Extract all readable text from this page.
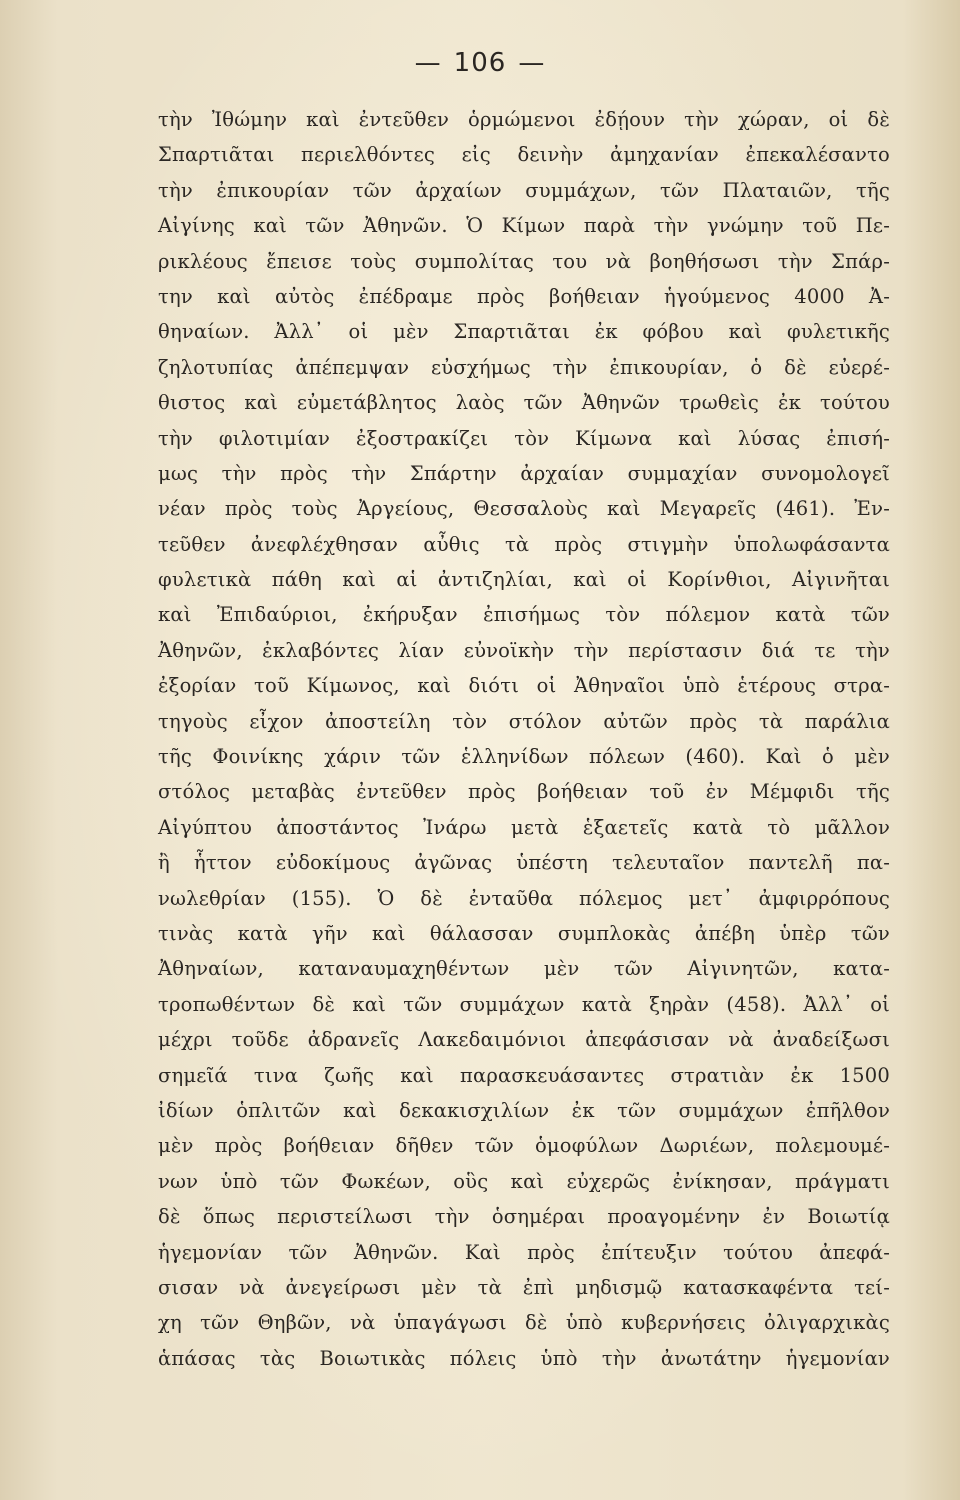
— 106 —
τὴν Ἰθώμην καὶ ἐντεῦθεν ὁρμώμενοι ἐδῄουν τὴν χώραν, οἱ δὲ
Σπαρτιᾶται περιελθόντες εἰς δεινὴν ἀμηχανίαν ἐπεκαλέσαντο
τὴν ἐπικουρίαν τῶν ἀρχαίων συμμάχων, τῶν Πλαταιῶν, τῆς
Αἰγίνης καὶ τῶν Ἀθηνῶν. Ὁ Κίμων παρὰ τὴν γνώμην τοῦ Πε-
ρικλέους ἔπεισε τοὺς συμπολίτας του νὰ βοηθήσωσι τὴν Σπάρ-
την καὶ αὐτὸς ἐπέδραμε πρὸς βοήθειαν ἡγούμενος 4000 Ἀ-
θηναίων. Ἀλλ᾽ οἱ μὲν Σπαρτιᾶται ἐκ φόβου καὶ φυλετικῆς
ζηλοτυπίας ἀπέπεμψαν εὐσχήμως τὴν ἐπικουρίαν, ὁ δὲ εὐερέ-
θιστος καὶ εὐμετάβλητος λαὸς τῶν Ἀθηνῶν τρωθεὶς ἐκ τούτου
τὴν φιλοτιμίαν ἐξοστρακίζει τὸν Κίμωνα καὶ λύσας ἐπισή-
μως τὴν πρὸς τὴν Σπάρτην ἀρχαίαν συμμαχίαν συνομολογεῖ
νέαν πρὸς τοὺς Ἀργείους, Θεσσαλοὺς καὶ Μεγαρεῖς (461). Ἐν-
τεῦθεν ἀνεφλέχθησαν αὖθις τὰ πρὸς στιγμὴν ὑπολωφάσαντα
φυλετικὰ πάθη καὶ αἱ ἀντιζηλίαι, καὶ οἱ Κορίνθιοι, Αἰγινῆται
καὶ Ἐπιδαύριοι, ἐκήρυξαν ἐπισήμως τὸν πόλεμον κατὰ τῶν
Ἀθηνῶν, ἐκλαβόντες λίαν εὐνοϊκὴν τὴν περίστασιν διά τε τὴν
ἐξορίαν τοῦ Κίμωνος, καὶ διότι οἱ Ἀθηναῖοι ὑπὸ ἑτέρους στρα-
τηγοὺς εἶχον ἀποστείλη τὸν στόλον αὐτῶν πρὸς τὰ παράλια
τῆς Φοινίκης χάριν τῶν ἑλληνίδων πόλεων (460). Καὶ ὁ μὲν
στόλος μεταβὰς ἐντεῦθεν πρὸς βοήθειαν τοῦ ἐν Μέμφιδι τῆς
Αἰγύπτου ἀποστάντος Ἰνάρω μετὰ ἑξαετεῖς κατὰ τὸ μᾶλλον
ἢ ἧττον εὐδοκίμους ἀγῶνας ὑπέστη τελευταῖον παντελῆ πα-
νωλεθρίαν (155). Ὁ δὲ ἐνταῦθα πόλεμος μετ᾽ ἀμφιρρόπους
τινὰς κατὰ γῆν καὶ θάλασσαν συμπλοκὰς ἀπέβη ὑπὲρ τῶν
Ἀθηναίων, καταναυμαχηθέντων μὲν τῶν Αἰγινητῶν, κατα-
τροπωθέντων δὲ καὶ τῶν συμμάχων κατὰ ξηρὰν (458). Ἀλλ᾽ οἱ
μέχρι τοῦδε ἀδρανεῖς Λακεδαιμόνιοι ἀπεφάσισαν νὰ ἀναδείξωσι
σημεῖά τινα ζωῆς καὶ παρασκευάσαντες στρατιὰν ἐκ 1500
ἰδίων ὁπλιτῶν καὶ δεκακισχιλίων ἐκ τῶν συμμάχων ἐπῆλθον
μὲν πρὸς βοήθειαν δῆθεν τῶν ὁμοφύλων Δωριέων, πολεμουμέ-
νων ὑπὸ τῶν Φωκέων, οὓς καὶ εὐχερῶς ἐνίκησαν, πράγματι
δὲ ὅπως περιστείλωσι τὴν ὁσημέραι προαγομένην ἐν Βοιωτίᾳ
ἡγεμονίαν τῶν Ἀθηνῶν. Καὶ πρὸς ἐπίτευξιν τούτου ἀπεφά-
σισαν νὰ ἀνεγείρωσι μὲν τὰ ἐπὶ μηδισμῷ κατασκαφέντα τεί-
χη τῶν Θηβῶν, νὰ ὑπαγάγωσι δὲ ὑπὸ κυβερνήσεις ὀλιγαρχικὰς
ἁπάσας τὰς Βοιωτικὰς πόλεις ὑπὸ τὴν ἀνωτάτην ἡγεμονίαν
